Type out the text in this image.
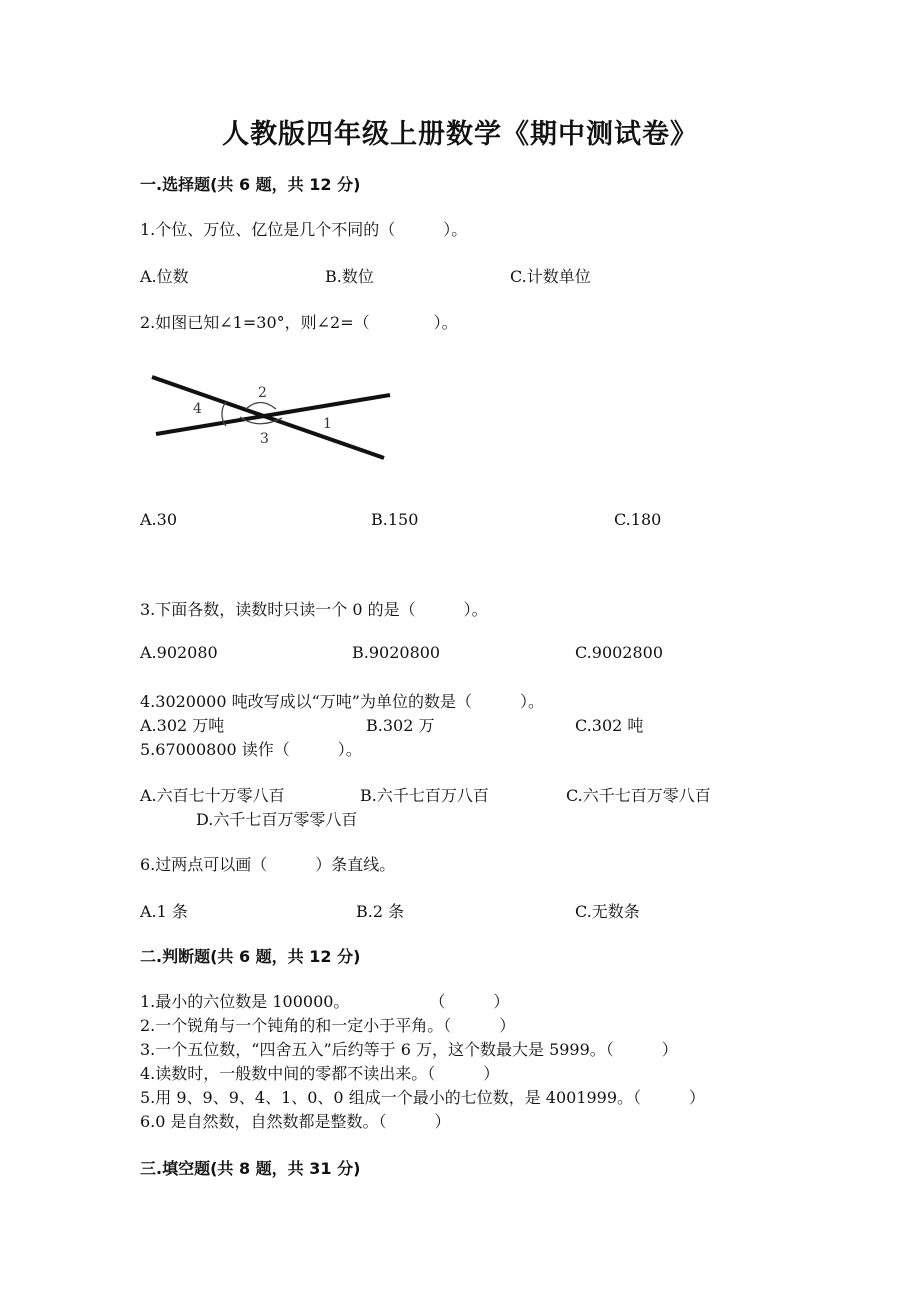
人教版四年级上册数学《期中测试卷》
一.选择题(共 6 题，共 12 分)
1.个位、万位、亿位是几个不同的（　　　）。
A.位数	B.数位	C.计数单位
2.如图已知∠1=30°，则∠2=（　　　　）。
4
2
3
1
A.30	B.150	C.180
3.下面各数，读数时只读一个 0 的是（　　　）。
A.902080	B.9020800	C.9002800
4.3020000 吨改写成以“万吨”为单位的数是（　　　）。
A.302 万吨	B.302 万	C.302 吨
5.67000800 读作（　　　）。
A.六百七十万零八百	B.六千七百万八百	C.六千七百万零八百
D.六千七百万零零八百
6.过两点可以画（　　　）条直线。
A.1 条	B.2 条	C.无数条
二.判断题(共 6 题，共 12 分)
1.最小的六位数是 100000。　　　　　　（　　　）
2.一个锐角与一个钝角的和一定小于平角。（　　　）
3.一个五位数，“四舍五入”后约等于 6 万，这个数最大是 5999。（　　　）
4.读数时，一般数中间的零都不读出来。（　　　）
5.用 9、9、9、4、1、0、0 组成一个最小的七位数，是 4001999。（　　　）
6.0 是自然数，自然数都是整数。（　　　）
三.填空题(共 8 题，共 31 分)
